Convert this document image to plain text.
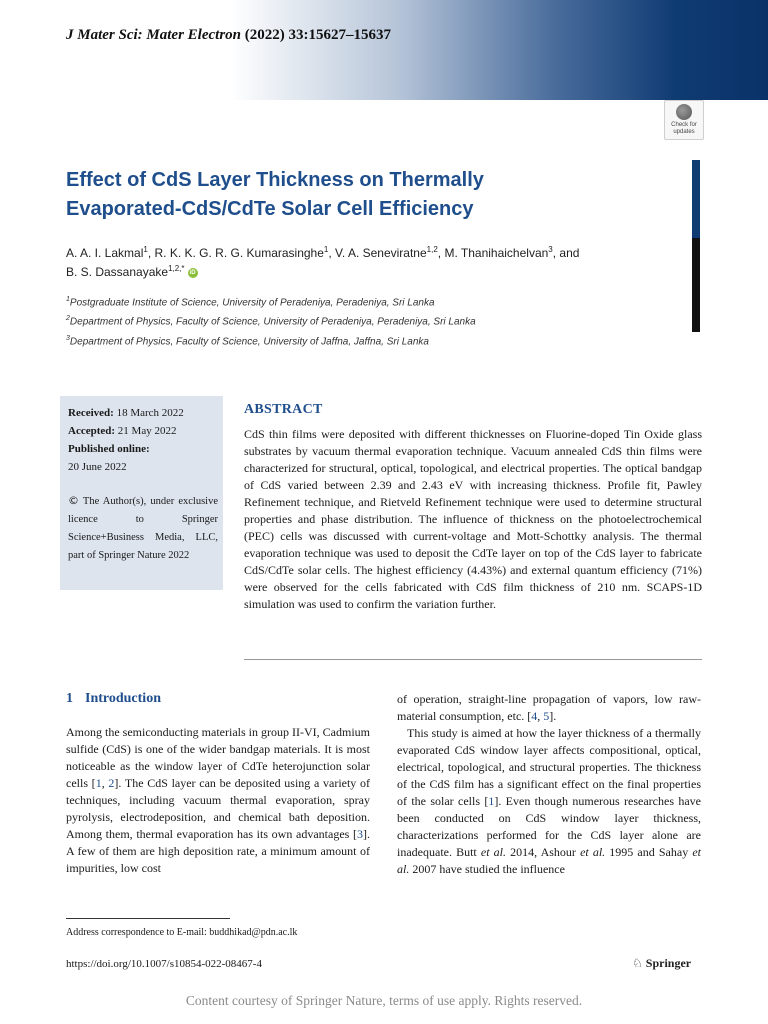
J Mater Sci: Mater Electron (2022) 33:15627–15637
Check for
updates
Effect of CdS Layer Thickness on Thermally
Evaporated-CdS/CdTe Solar Cell Efficiency
A. A. I. Lakmal$^1$, R. K. K. G. R. G. Kumarasinghe$^1$, V. A. Seneviratne$^{1,2}$, M. Thanihaichelvan$^3$, and
B. S. Dassanayake$^{1,2,*}$ iD
$^1$Postgraduate Institute of Science, University of Peradeniya, Peradeniya, Sri Lanka
$^2$Department of Physics, Faculty of Science, University of Peradeniya, Peradeniya, Sri Lanka
$^3$Department of Physics, Faculty of Science, University of Jaffna, Jaffna, Sri Lanka
Received: 18 March 2022
Accepted: 21 May 2022
Published online:
20 June 2022
© The Author(s), under exclusive licence to Springer Science+Business Media, LLC, part of Springer Nature 2022
ABSTRACT
CdS thin films were deposited with different thicknesses on Fluorine-doped Tin Oxide glass substrates by vacuum thermal evaporation technique. Vacuum annealed CdS thin films were characterized for structural, optical, topological, and electrical properties. The optical bandgap of CdS varied between 2.39 and 2.43 eV with increasing thickness. Profile fit, Pawley Refinement technique, and Rietveld Refinement technique were used to determine structural properties and phase distribution. The influence of thickness on the photoelectrochemical (PEC) cells was discussed with current-voltage and Mott-Schottky analysis. The thermal evaporation technique was used to deposit the CdTe layer on top of the CdS layer to fabricate CdS/CdTe solar cells. The highest efficiency (4.43%) and external quantum efficiency (71%) were observed for the cells fabricated with CdS film thickness of 210 nm. SCAPS-1D simulation was used to confirm the variation further.
1 Introduction
Among the semiconducting materials in group II-VI, Cadmium sulfide (CdS) is one of the wider bandgap materials. It is most noticeable as the window layer of CdTe heterojunction solar cells [1, 2]. The CdS layer can be deposited using a variety of techniques, including vacuum thermal evaporation, spray pyrolysis, electrodeposition, and chemical bath deposition. Among them, thermal evaporation has its own advantages [3]. A few of them are high deposition rate, a minimum amount of impurities, low cost

of operation, straight-line propagation of vapors, low raw-material consumption, etc. [4, 5].

This study is aimed at how the layer thickness of a thermally evaporated CdS window layer affects compositional, optical, electrical, topological, and structural properties. The thickness of the CdS film has a significant effect on the final properties of the solar cells [1]. Even though numerous researches have been conducted on CdS window layer thickness, characterizations performed for the CdS layer alone are inadequate. Butt et al. 2014, Ashour et al. 1995 and Sahay et al. 2007 have studied the influence

Address correspondence to E-mail: buddhikad@pdn.ac.lk
https://doi.org/10.1007/s10854-022-08467-4	♘ Springer
Content courtesy of Springer Nature, terms of use apply. Rights reserved.
